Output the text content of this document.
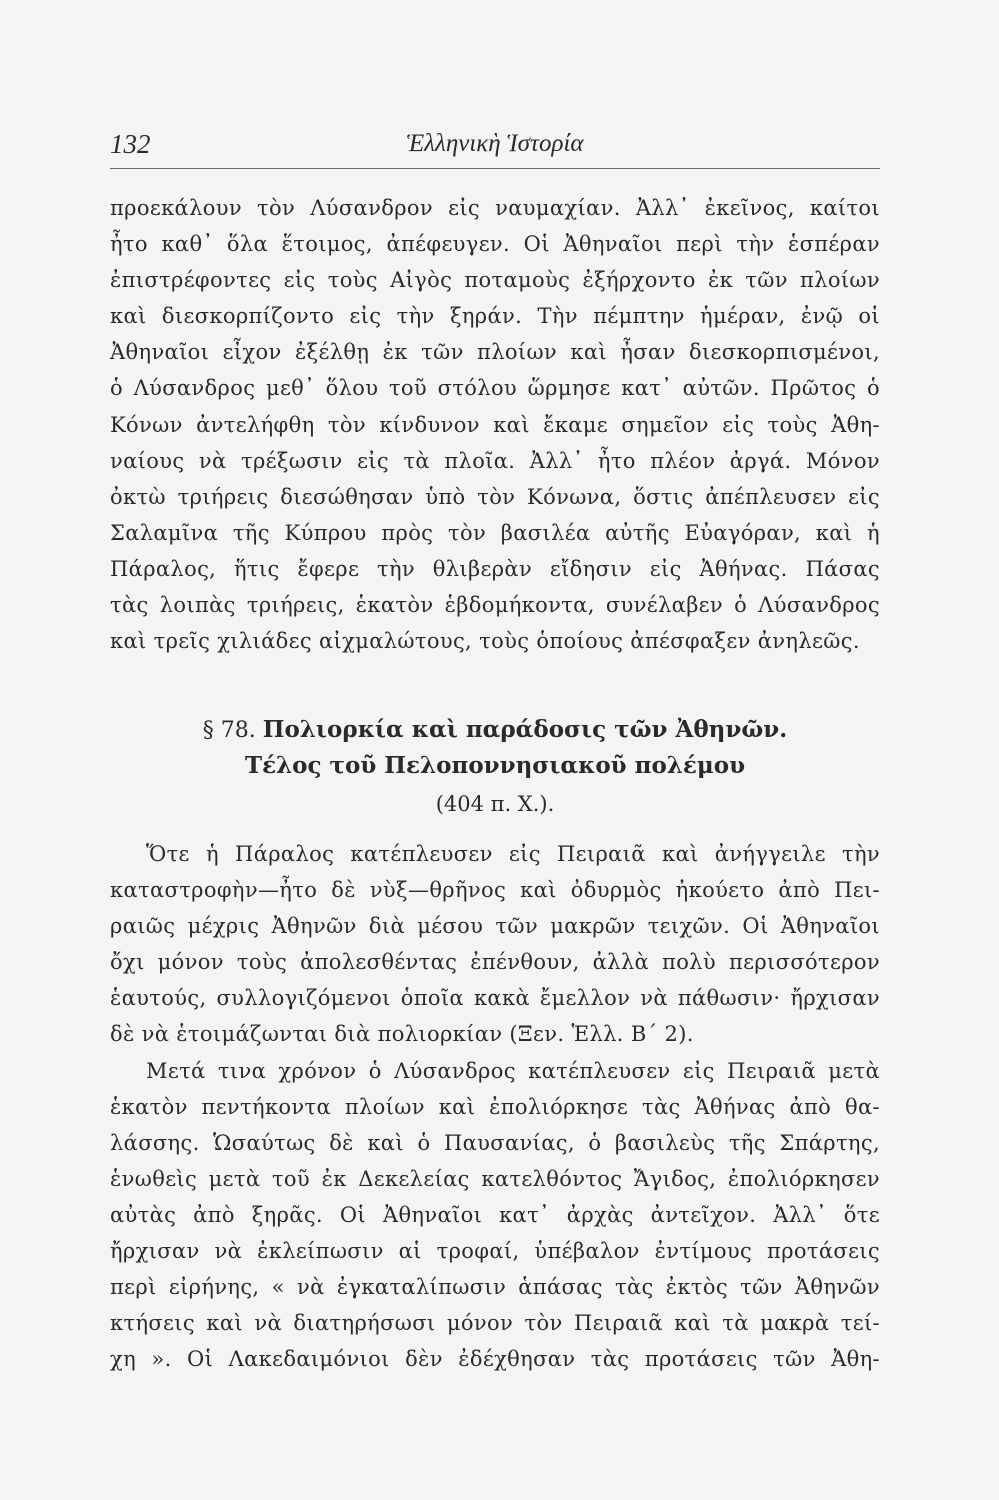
132	Ἑλληνικὴ Ἱστορία
προεκάλουν τὸν Λύσανδρον εἰς ναυμαχίαν. Ἀλλ᾽ ἐκεῖνος, καίτοι
ἦτο καθ᾽ ὅλα ἕτοιμος, ἀπέφευγεν. Οἱ Ἀθηναῖοι περὶ τὴν ἑσπέραν
ἐπιστρέφοντες εἰς τοὺς Αἰγὸς ποταμοὺς ἐξήρχοντο ἐκ τῶν πλοίων
καὶ διεσκορπίζοντο εἰς τὴν ξηράν. Τὴν πέμπτην ἡμέραν, ἐνῷ οἱ
Ἀθηναῖοι εἶχον ἐξέλθῃ ἐκ τῶν πλοίων καὶ ἦσαν διεσκορπισμένοι,
ὁ Λύσανδρος μεθ᾽ ὅλου τοῦ στόλου ὥρμησε κατ᾽ αὐτῶν. Πρῶτος ὁ
Κόνων ἀντελήφθη τὸν κίνδυνον καὶ ἔκαμε σημεῖον εἰς τοὺς Ἀθη-
ναίους νὰ τρέξωσιν εἰς τὰ πλοῖα. Ἀλλ᾽ ἦτο πλέον ἀργά. Μόνον
ὀκτὼ τριήρεις διεσώθησαν ὑπὸ τὸν Κόνωνα, ὅστις ἀπέπλευσεν εἰς
Σαλαμῖνα τῆς Κύπρου πρὸς τὸν βασιλέα αὐτῆς Εὐαγόραν, καὶ ἡ
Πάραλος, ἥτις ἔφερε τὴν θλιβερὰν εἴδησιν εἰς Ἀθήνας. Πάσας
τὰς λοιπὰς τριήρεις, ἑκατὸν ἑβδομήκοντα, συνέλαβεν ὁ Λύσανδρος
καὶ τρεῖς χιλιάδες αἰχμαλώτους, τοὺς ὁποίους ἀπέσφαξεν ἀνηλεῶς.
§ 78. Πολιορκία καὶ παράδοσις τῶν Ἀθηνῶν.
Τέλος τοῦ Πελοποννησιακοῦ πολέμου
(404 π. Χ.).
Ὅτε ἡ Πάραλος κατέπλευσεν εἰς Πειραιᾶ καὶ ἀνήγγειλε τὴν
καταστροφὴν—ἦτο δὲ νὺξ—θρῆνος καὶ ὀδυρμὸς ἠκούετο ἀπὸ Πει-
ραιῶς μέχρις Ἀθηνῶν διὰ μέσου τῶν μακρῶν τειχῶν. Οἱ Ἀθηναῖοι
ὄχι μόνον τοὺς ἀπολεσθέντας ἐπένθουν, ἀλλὰ πολὺ περισσότερον
ἑαυτούς, συλλογιζόμενοι ὁποῖα κακὰ ἔμελλον νὰ πάθωσιν· ἤρχισαν
δὲ νὰ ἑτοιμάζωνται διὰ πολιορκίαν (Ξεν. Ἑλλ. Β΄ 2).
Μετά τινα χρόνον ὁ Λύσανδρος κατέπλευσεν εἰς Πειραιᾶ μετὰ
ἑκατὸν πεντήκοντα πλοίων καὶ ἐπολιόρκησε τὰς Ἀθήνας ἀπὸ θα-
λάσσης. Ὡσαύτως δὲ καὶ ὁ Παυσανίας, ὁ βασιλεὺς τῆς Σπάρτης,
ἑνωθεὶς μετὰ τοῦ ἐκ Δεκελείας κατελθόντος Ἄγιδος, ἐπολιόρκησεν
αὐτὰς ἀπὸ ξηρᾶς. Οἱ Ἀθηναῖοι κατ᾽ ἀρχὰς ἀντεῖχον. Ἀλλ᾽ ὅτε
ἤρχισαν νὰ ἐκλείπωσιν αἱ τροφαί, ὑπέβαλον ἐντίμους προτάσεις
περὶ εἰρήνης, « νὰ ἐγκαταλίπωσιν ἁπάσας τὰς ἐκτὸς τῶν Ἀθηνῶν
κτήσεις καὶ νὰ διατηρήσωσι μόνον τὸν Πειραιᾶ καὶ τὰ μακρὰ τεί-
χη ». Οἱ Λακεδαιμόνιοι δὲν ἐδέχθησαν τὰς προτάσεις τῶν Ἀθη-
